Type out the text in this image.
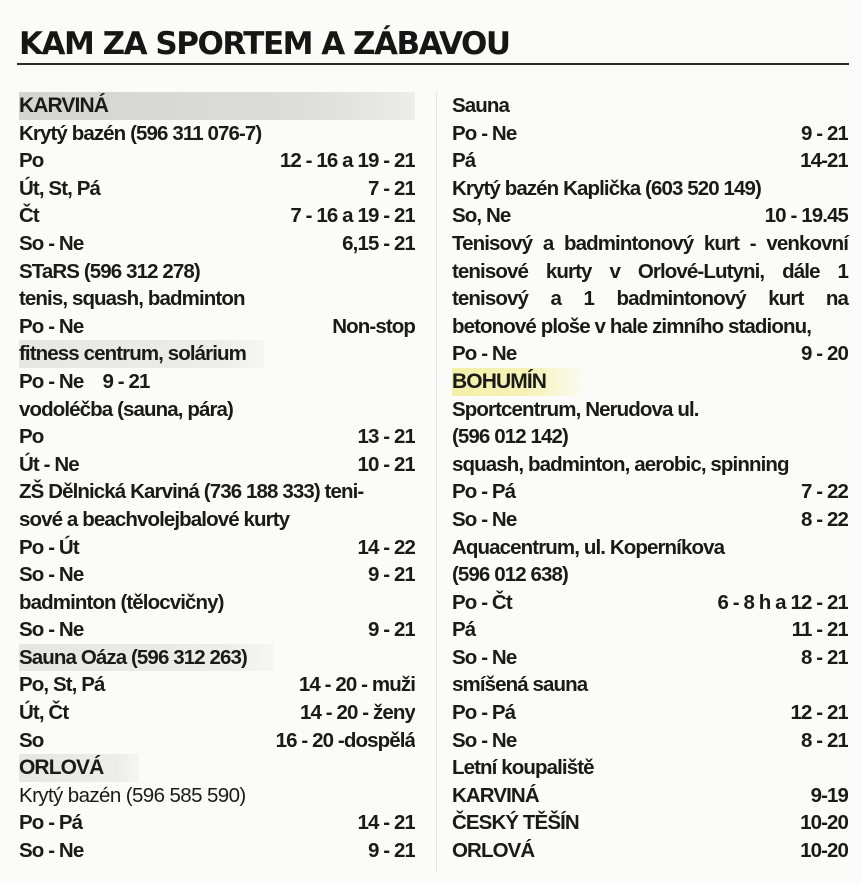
KAM ZA SPORTEM A ZÁBAVOU
KARVINÁ
Krytý bazén (596 311 076-7)
Po	12 - 16 a 19 - 21
Út, St, Pá	7 - 21
Čt	7 - 16 a 19 - 21
So - Ne	6,15 - 21
STaRS (596 312 278)
tenis, squash, badminton
Po - Ne	Non-stop
fitness centrum, solárium
Po - Ne    9 - 21
vodoléčba (sauna, pára)
Po	13 - 21
Út - Ne	10 - 21
ZŠ Dělnická Karviná (736 188 333) teni-
sové a beachvolejbalové kurty
Po - Út	14 - 22
So - Ne	9 - 21
badminton (tělocvičny)
So - Ne	9 - 21
Sauna Oáza (596 312 263)
Po, St, Pá	14 - 20 - muži
Út, Čt	14 - 20 - ženy
So	16 - 20 -dospělá
ORLOVÁ
Krytý bazén (596 585 590)
Po - Pá	14 - 21
So - Ne	9 - 21
Sauna
Po - Ne	9 - 21
Pá	14-21
Krytý bazén Kaplička (603 520 149)
So, Ne	10 - 19.45
Tenisový a badmintonový kurt - venkovní tenisové kurty v Orlové-Lutyni, dále 1 tenisový a 1 badmintonový kurt na betonové ploše v hale zimního stadionu,
Po - Ne	9 - 20
BOHUMÍN
Sportcentrum, Nerudova ul.
(596 012 142)
squash, badminton, aerobic, spinning
Po - Pá	7 - 22
So - Ne	8 - 22
Aquacentrum, ul. Koperníkova
(596 012 638)
Po - Čt	6 - 8 h a 12 - 21
Pá	11 - 21
So - Ne	8 - 21
smíšená sauna
Po - Pá	12 - 21
So - Ne	8 - 21
Letní koupaliště
KARVINÁ	9-19
ČESKÝ TĚŠÍN	10-20
ORLOVÁ	10-20
